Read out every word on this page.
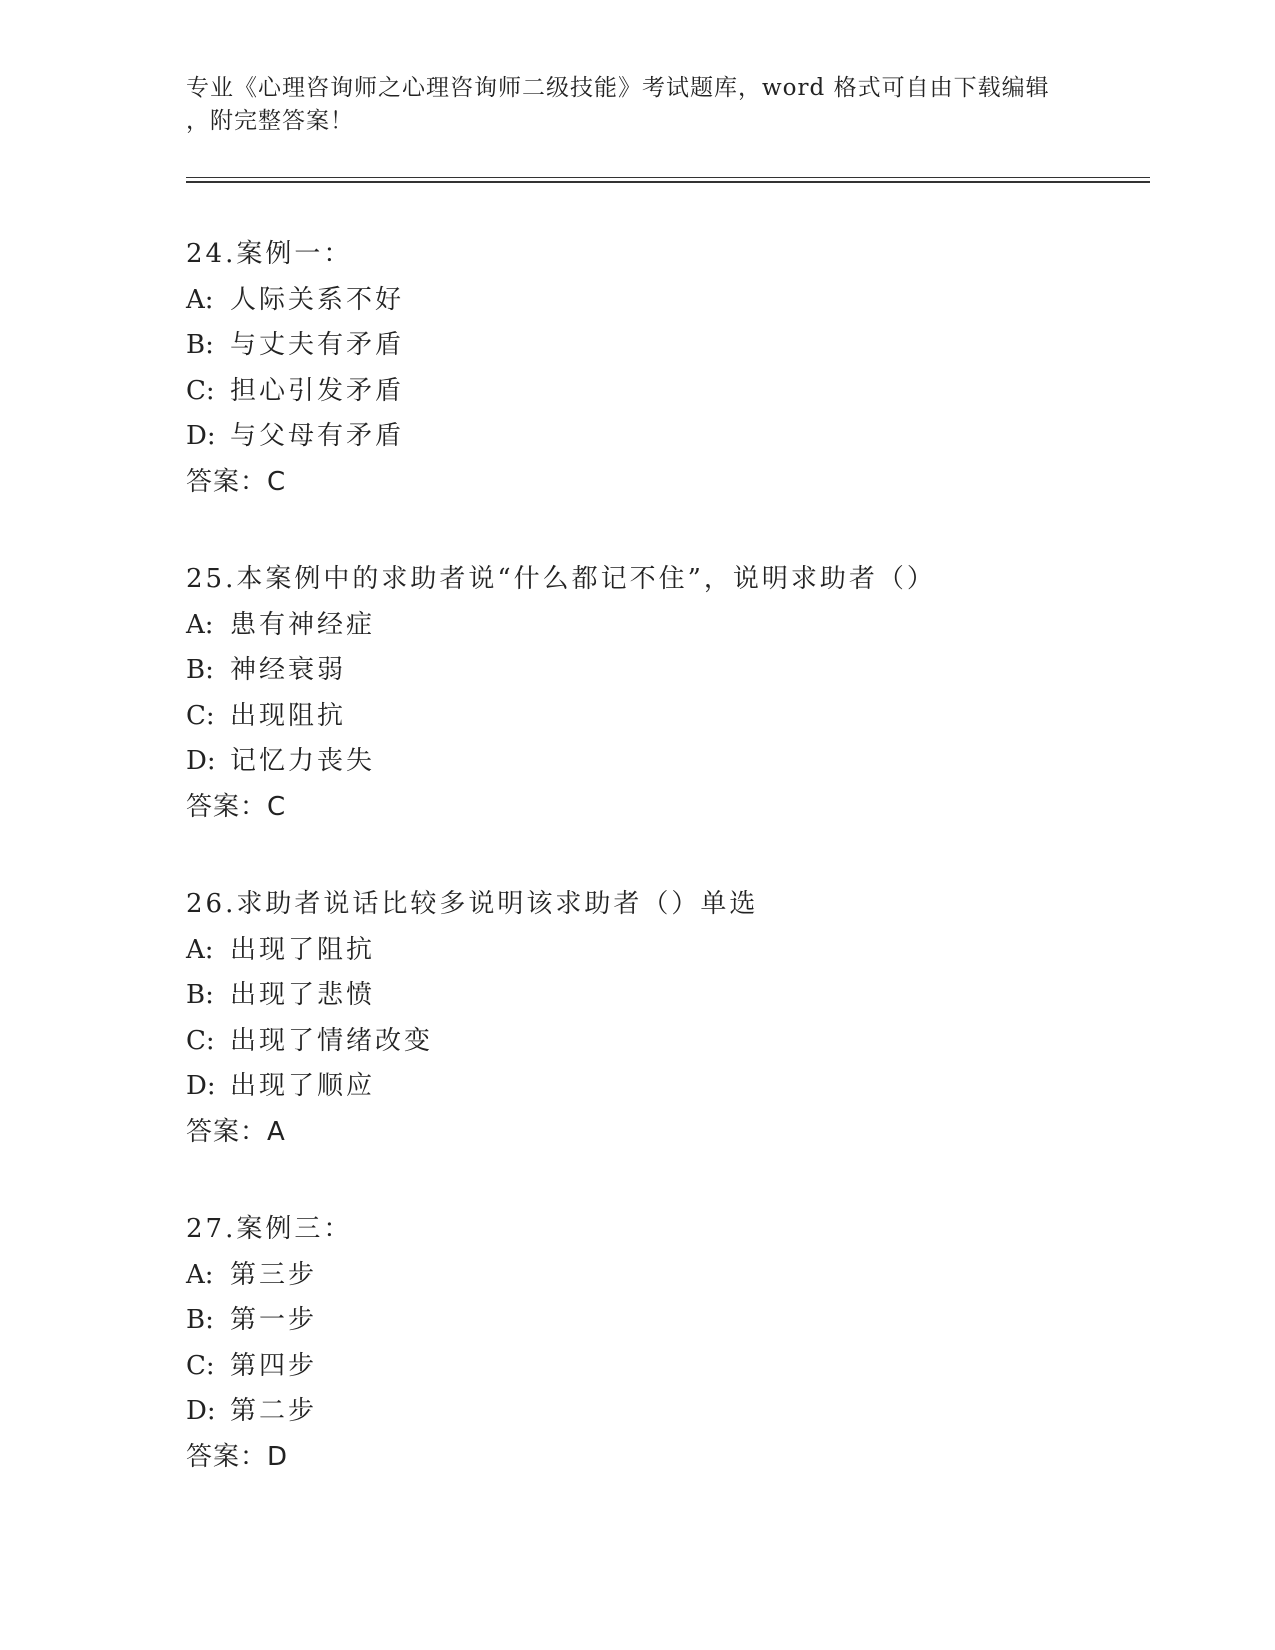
专业《心理咨询师之心理咨询师二级技能》考试题库，word 格式可自由下载编辑
，附完整答案！
24.案例一：
A: 人际关系不好
B: 与丈夫有矛盾
C: 担心引发矛盾
D: 与父母有矛盾
答案：C
25.本案例中的求助者说“什么都记不住”，说明求助者（）
A: 患有神经症
B: 神经衰弱
C: 出现阻抗
D: 记忆力丧失
答案：C
26.求助者说话比较多说明该求助者（）单选
A: 出现了阻抗
B: 出现了悲愤
C: 出现了情绪改变
D: 出现了顺应
答案：A
27.案例三：
A: 第三步
B: 第一步
C: 第四步
D: 第二步
答案：D
